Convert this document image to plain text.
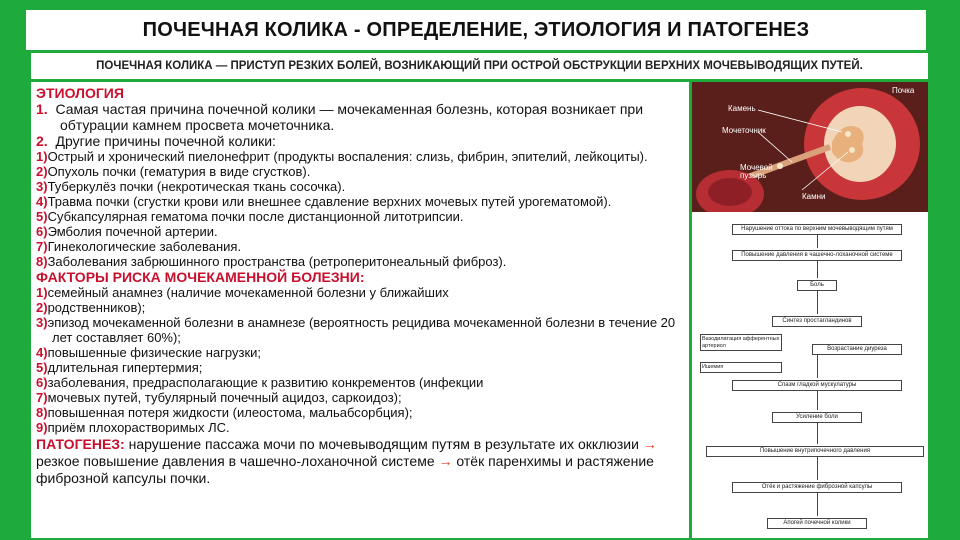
ПОЧЕЧНАЯ КОЛИКА - ОПРЕДЕЛЕНИЕ, ЭТИОЛОГИЯ И ПАТОГЕНЕЗ
ПОЧЕЧНАЯ КОЛИКА — ПРИСТУП РЕЗКИХ БОЛЕЙ, ВОЗНИКАЮЩИЙ ПРИ ОСТРОЙ ОБСТРУКЦИИ ВЕРХНИХ МОЧЕВЫВОДЯЩИХ ПУТЕЙ.
ЭТИОЛОГИЯ
1. Самая частая причина почечной колики — мочекаменная болезнь, которая возникает при обтурации камнем просвета мочеточника.
2. Другие причины почечной колики:
1)Острый и хронический пиелонефрит (продукты воспаления: слизь, фибрин, эпителий, лейкоциты).
2)Опухоль почки (гематурия в виде сгустков).
3)Туберкулёз почки (некротическая ткань сосочка).
4)Травма почки (сгустки крови или внешнее сдавление верхних мочевых путей урогематомой).
5)Субкапсулярная гематома почки после дистанционной литотрипсии.
6)Эмболия почечной артерии.
7)Гинекологические заболевания.
8)Заболевания забрюшинного пространства (ретроперитонеальный фиброз).
ФАКТОРЫ РИСКА МОЧЕКАМЕННОЙ БОЛЕЗНИ:
1)семейный анамнез (наличие мочекаменной болезни у ближайших
2)родственников);
3)эпизод мочекаменной болезни в анамнезе (вероятность рецидива мочекаменной болезни в течение 20 лет составляет 60%);
4)повышенные физические нагрузки;
5)длительная гипертермия;
6)заболевания, предрасполагающие к развитию конкрементов (инфекции
7)мочевых путей, тубулярный почечный ацидоз, саркоидоз);
8)повышенная потеря жидкости (илеостома, мальабсорбция);
9)приём плохорастворимых ЛС.
ПАТОГЕНЕЗ: нарушение пассажа мочи по мочевыводящим путям в результате их окклюзии → резкое повышение давления в чашечно-лоханочной системе → отёк паренхимы и растяжение фиброзной капсулы почки.
Камень
Мочеточник
Мочевой пузырь
Почка
Камни
Нарушение оттока по верхним мочевыводящим путям
Повышение давления в чашечно-лоханочной системе
Боль
Синтез простагландинов
Вазодилатация афферентных артериол
Возрастание диуреза
Ишемия
Спазм гладкой мускулатуры
Усиление боли
Повышение внутрипочечного давления
Отёк и растяжение фиброзной капсулы
Апогей почечной колики
